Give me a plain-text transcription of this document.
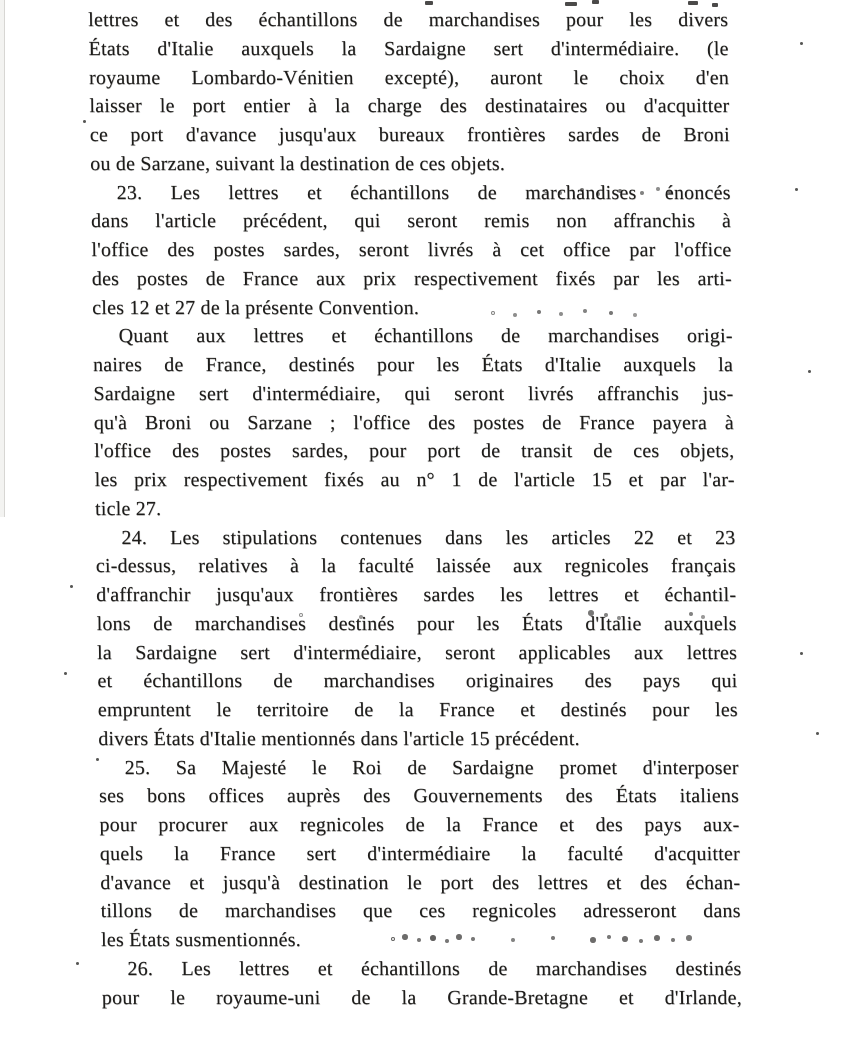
lettres et des échantillons de marchandises pour les divers
États d'Italie auxquels la Sardaigne sert d'intermédiaire. (le
royaume Lombardo-Vénitien excepté), auront le choix d'en
laisser le port entier à la charge des destinataires ou d'acquitter
ce port d'avance jusqu'aux bureaux frontières sardes de Broni
ou de Sarzane, suivant la destination de ces objets.
23. Les lettres et échantillons de marchandises énoncés
dans l'article précédent, qui seront remis non affranchis à
l'office des postes sardes, seront livrés à cet office par l'office
des postes de France aux prix respectivement fixés par les arti-
cles 12 et 27 de la présente Convention.
Quant aux lettres et échantillons de marchandises origi-
naires de France, destinés pour les États d'Italie auxquels la
Sardaigne sert d'intermédiaire, qui seront livrés affranchis jus-
qu'à Broni ou Sarzane ; l'office des postes de France payera à
l'office des postes sardes, pour port de transit de ces objets,
les prix respectivement fixés au n° 1 de l'article 15 et par l'ar-
ticle 27.
24. Les stipulations contenues dans les articles 22 et 23
ci-dessus, relatives à la faculté laissée aux regnicoles français
d'affranchir jusqu'aux frontières sardes les lettres et échantil-
lons de marchandises destinés pour les États d'Italie auxquels
la Sardaigne sert d'intermédiaire, seront applicables aux lettres
et échantillons de marchandises originaires des pays qui
empruntent le territoire de la France et destinés pour les
divers États d'Italie mentionnés dans l'article 15 précédent.
25. Sa Majesté le Roi de Sardaigne promet d'interposer
ses bons offices auprès des Gouvernements des États italiens
pour procurer aux regnicoles de la France et des pays aux-
quels la France sert d'intermédiaire la faculté d'acquitter
d'avance et jusqu'à destination le port des lettres et des échan-
tillons de marchandises que ces regnicoles adresseront dans
les États susmentionnés.
26. Les lettres et échantillons de marchandises destinés
pour le royaume-uni de la Grande-Bretagne et d'Irlande,
